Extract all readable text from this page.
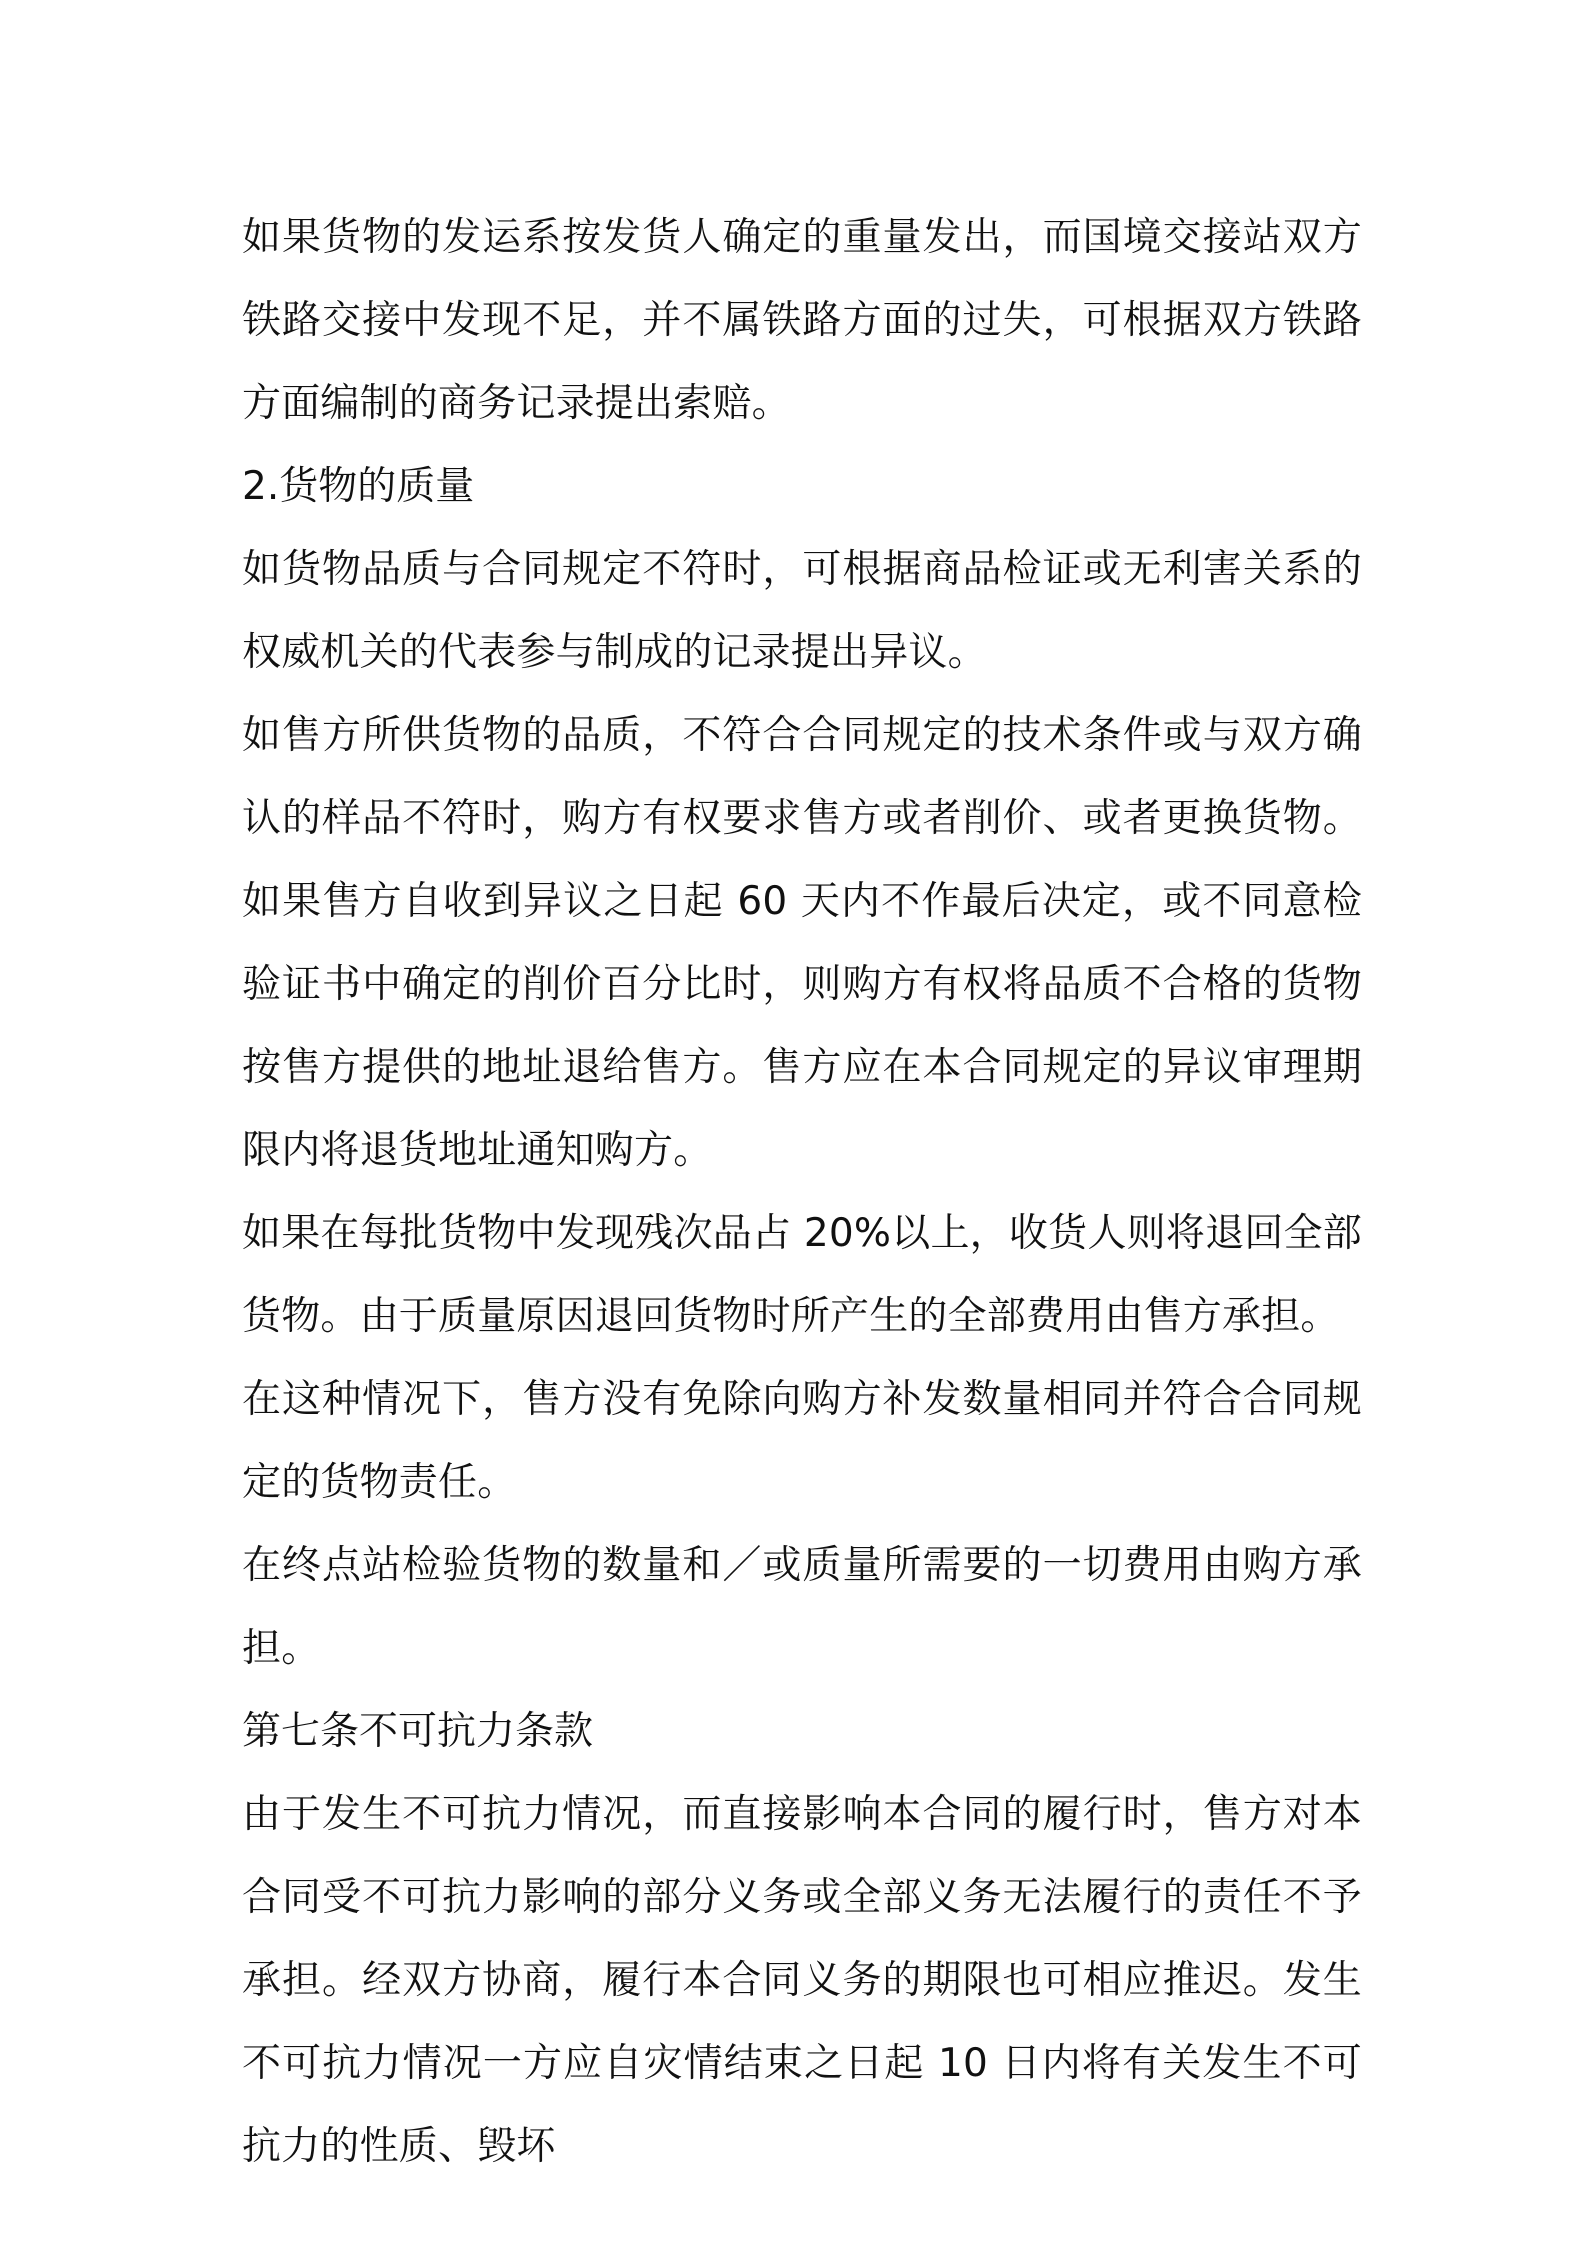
如果货物的发运系按发货人确定的重量发出，而国境交接站双方铁路交接中发现不足，并不属铁路方面的过失，可根据双方铁路方面编制的商务记录提出索赔。

2.货物的质量

如货物品质与合同规定不符时，可根据商品检证或无利害关系的权威机关的代表参与制成的记录提出异议。

如售方所供货物的品质，不符合合同规定的技术条件或与双方确认的样品不符时，购方有权要求售方或者削价、或者更换货物。如果售方自收到异议之日起 60 天内不作最后决定，或不同意检验证书中确定的削价百分比时，则购方有权将品质不合格的货物按售方提供的地址退给售方。售方应在本合同规定的异议审理期限内将退货地址通知购方。

如果在每批货物中发现残次品占 20%以上，收货人则将退回全部货物。由于质量原因退回货物时所产生的全部费用由售方承担。

在这种情况下，售方没有免除向购方补发数量相同并符合合同规定的货物责任。

在终点站检验货物的数量和／或质量所需要的一切费用由购方承担。

第七条不可抗力条款

由于发生不可抗力情况，而直接影响本合同的履行时，售方对本合同受不可抗力影响的部分义务或全部义务无法履行的责任不予承担。经双方协商，履行本合同义务的期限也可相应推迟。发生不可抗力情况一方应自灾情结束之日起 10 日内将有关发生不可抗力的性质、毁坏
